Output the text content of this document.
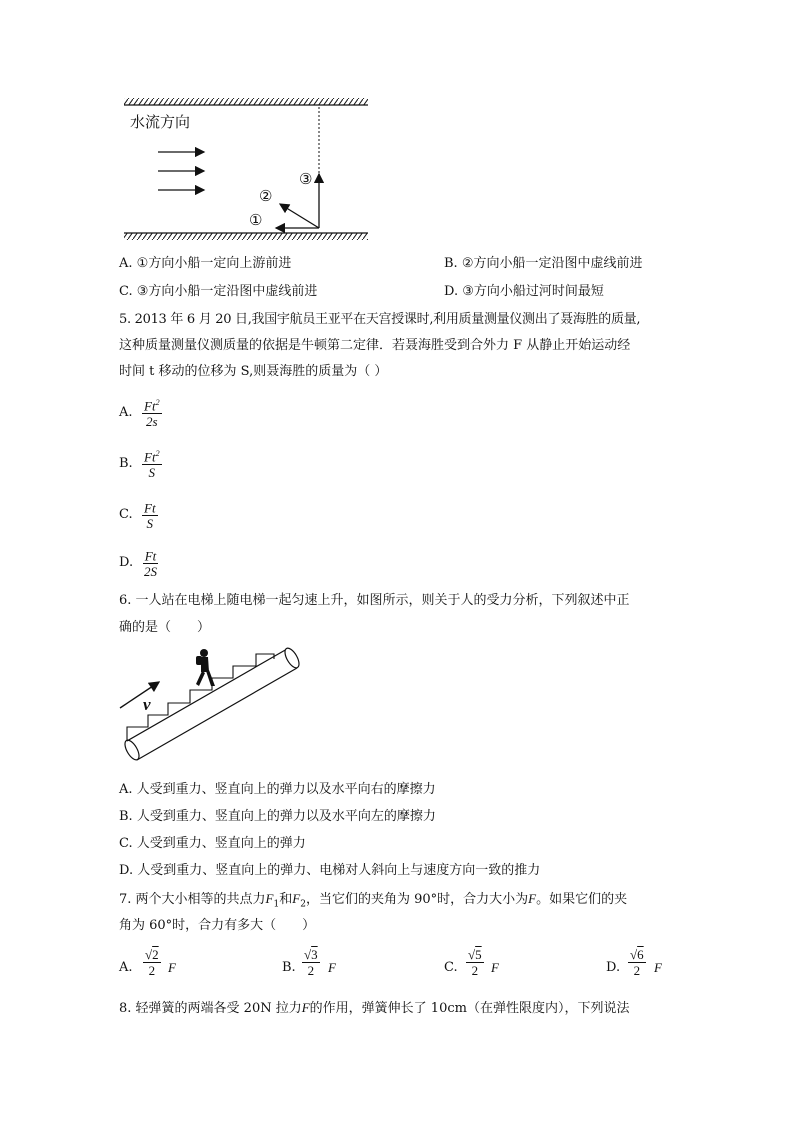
水流方向
①
②
③
A. ①方向小船一定向上游前进	B. ②方向小船一定沿图中虚线前进
C. ③方向小船一定沿图中虚线前进	D. ③方向小船过河时间最短
5. 2013 年 6 月 20 日,我国宇航员王亚平在天宫授课时,利用质量测量仪测出了聂海胜的质量,
这种质量测量仪测质量的依据是牛顿第二定律．若聂海胜受到合外力 F 从静止开始运动经
时间 t 移动的位移为 S,则聂海胜的质量为（ ）
A. $\frac{Ft^2}{2s}$
B. $\frac{Ft^2}{S}$
C. $\frac{Ft}{S}$
D. $\frac{Ft}{2S}$
6. 一人站在电梯上随电梯一起匀速上升，如图所示，则关于人的受力分析，下列叙述中正
确的是（　　）
v
A. 人受到重力、竖直向上的弹力以及水平向右的摩擦力
B. 人受到重力、竖直向上的弹力以及水平向左的摩擦力
C. 人受到重力、竖直向上的弹力
D. 人受到重力、竖直向上的弹力、电梯对人斜向上与速度方向一致的推力
7. 两个大小相等的共点力$F_1$和$F_2$，当它们的夹角为 90°时，合力大小为F。如果它们的夹
角为 60°时，合力有多大（　　）
A. $\frac{√2}{2}$ F	B. $\frac{√3}{2}$ F	C. $\frac{√5}{2}$ F	D. $\frac{√6}{2}$ F
8. 轻弹簧的两端各受 20N 拉力F的作用，弹簧伸长了 10cm（在弹性限度内），下列说法
